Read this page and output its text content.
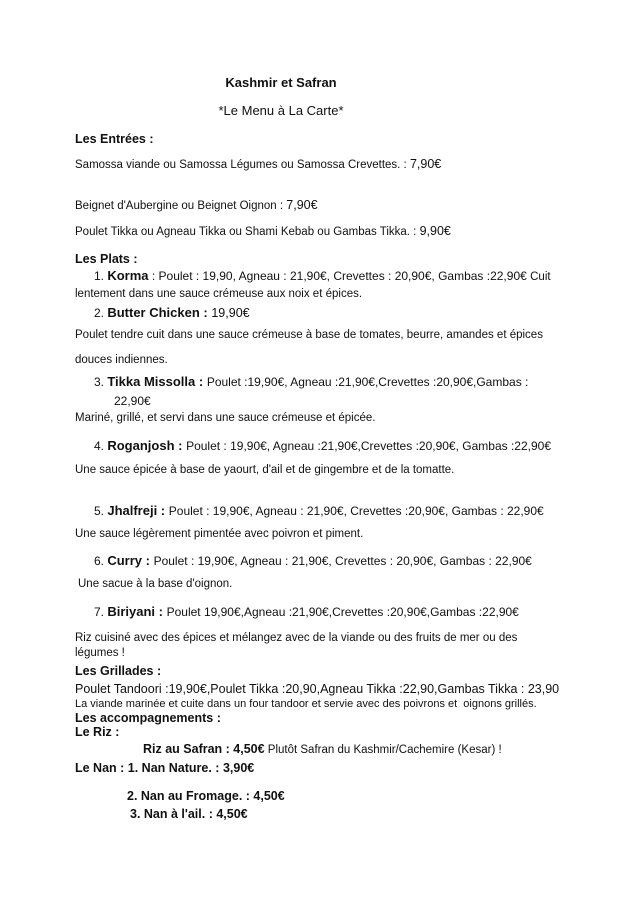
Kashmir et Safran

*Le Menu à La Carte*

Les Entrées :

Samossa viande ou Samossa Légumes ou Samossa Crevettes. : 7,90€

Beignet d'Aubergine ou Beignet Oignon : 7,90€

Poulet Tikka ou Agneau Tikka ou Shami Kebab ou Gambas Tikka. : 9,90€

Les Plats :

1. Korma : Poulet : 19,90, Agneau : 21,90€, Crevettes : 20,90€, Gambas :22,90€ Cuit lentement dans une sauce crémeuse aux noix et épices.

2. Butter Chicken : 19,90€

Poulet tendre cuit dans une sauce crémeuse à base de tomates, beurre, amandes et épices douces indiennes.

3. Tikka Missolla : Poulet :19,90€, Agneau :21,90€,Crevettes :20,90€,Gambas :
22,90€

Mariné, grillé, et servi dans une sauce crémeuse et épicée.

4. Roganjosh : Poulet : 19,90€, Agneau :21,90€,Crevettes :20,90€, Gambas :22,90€

Une sauce épicée à base de yaourt, d'ail et de gingembre et de la tomatte.

5. Jhalfreji : Poulet : 19,90€, Agneau : 21,90€, Crevettes :20,90€, Gambas : 22,90€ Une sauce légèrement pimentée avec poivron et piment.

6. Curry : Poulet : 19,90€, Agneau : 21,90€, Crevettes : 20,90€, Gambas : 22,90€

Une sacue à la base d'oignon.

7. Biriyani : Poulet 19,90€,Agneau :21,90€,Crevettes :20,90€,Gambas :22,90€

Riz cuisiné avec des épices et mélangez avec de la viande ou des fruits de mer ou des  légumes !

Les Grillades :

Poulet Tandoori :19,90€,Poulet Tikka :20,90,Agneau Tikka :22,90,Gambas Tikka : 23,90

La viande marinée et cuite dans un four tandoor et servie avec des poivrons et  oignons grillés.

Les accompagnements :

Le Riz :

Riz au Safran : 4,50€ Plutôt Safran du Kashmir/Cachemire (Kesar) !

Le Nan : 1. Nan Nature. : 3,90€

2. Nan au Fromage. : 4,50€

3. Nan à l'ail. : 4,50€
